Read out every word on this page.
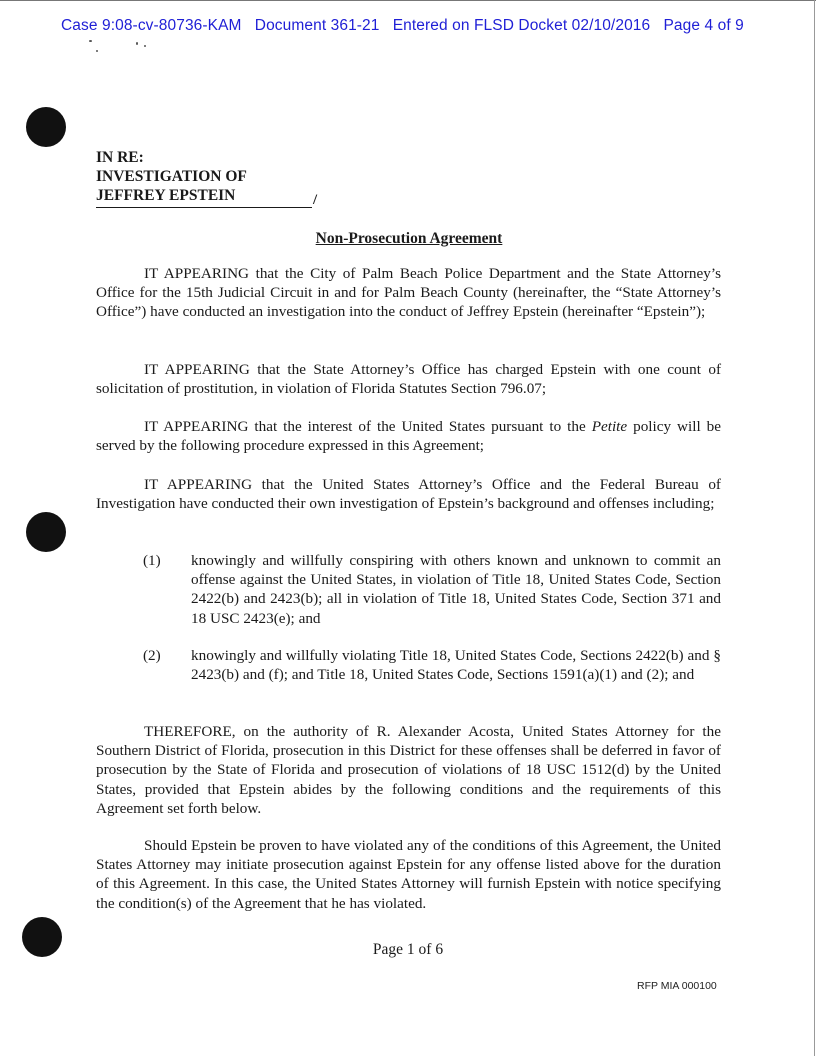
Case 9:08-cv-80736-KAM Document 361-21 Entered on FLSD Docket 02/10/2016 Page 4 of 9
IN RE:
INVESTIGATION OF
JEFFREY EPSTEIN	/
Non-Prosecution Agreement
IT APPEARING that the City of Palm Beach Police Department and the State Attorney’s Office for the 15th Judicial Circuit in and for Palm Beach County (hereinafter, the “State Attorney’s Office”) have conducted an investigation into the conduct of Jeffrey Epstein (hereinafter “Epstein”);
IT APPEARING that the State Attorney’s Office has charged Epstein with one count of solicitation of prostitution, in violation of Florida Statutes Section 796.07;
IT APPEARING that the interest of the United States pursuant to the Petite policy will be served by the following procedure expressed in this Agreement;
IT APPEARING that the United States Attorney’s Office and the Federal Bureau of Investigation have conducted their own investigation of Epstein’s background and offenses including;
(1) knowingly and willfully conspiring with others known and unknown to commit an offense against the United States, in violation of Title 18, United States Code, Section 2422(b) and 2423(b); all in violation of Title 18, United States Code, Section 371 and 18 USC 2423(e); and
(2) knowingly and willfully violating Title 18, United States Code, Sections 2422(b) and § 2423(b) and (f); and Title 18, United States Code, Sections 1591(a)(1) and (2); and
THEREFORE, on the authority of R. Alexander Acosta, United States Attorney for the Southern District of Florida, prosecution in this District for these offenses shall be deferred in favor of prosecution by the State of Florida and prosecution of violations of 18 USC 1512(d) by the United States, provided that Epstein abides by the following conditions and the requirements of this Agreement set forth below.
Should Epstein be proven to have violated any of the conditions of this Agreement, the United States Attorney may initiate prosecution against Epstein for any offense listed above for the duration of this Agreement. In this case, the United States Attorney will furnish Epstein with notice specifying the condition(s) of the Agreement that he has violated.
Page 1 of 6
RFP MIA 000100
